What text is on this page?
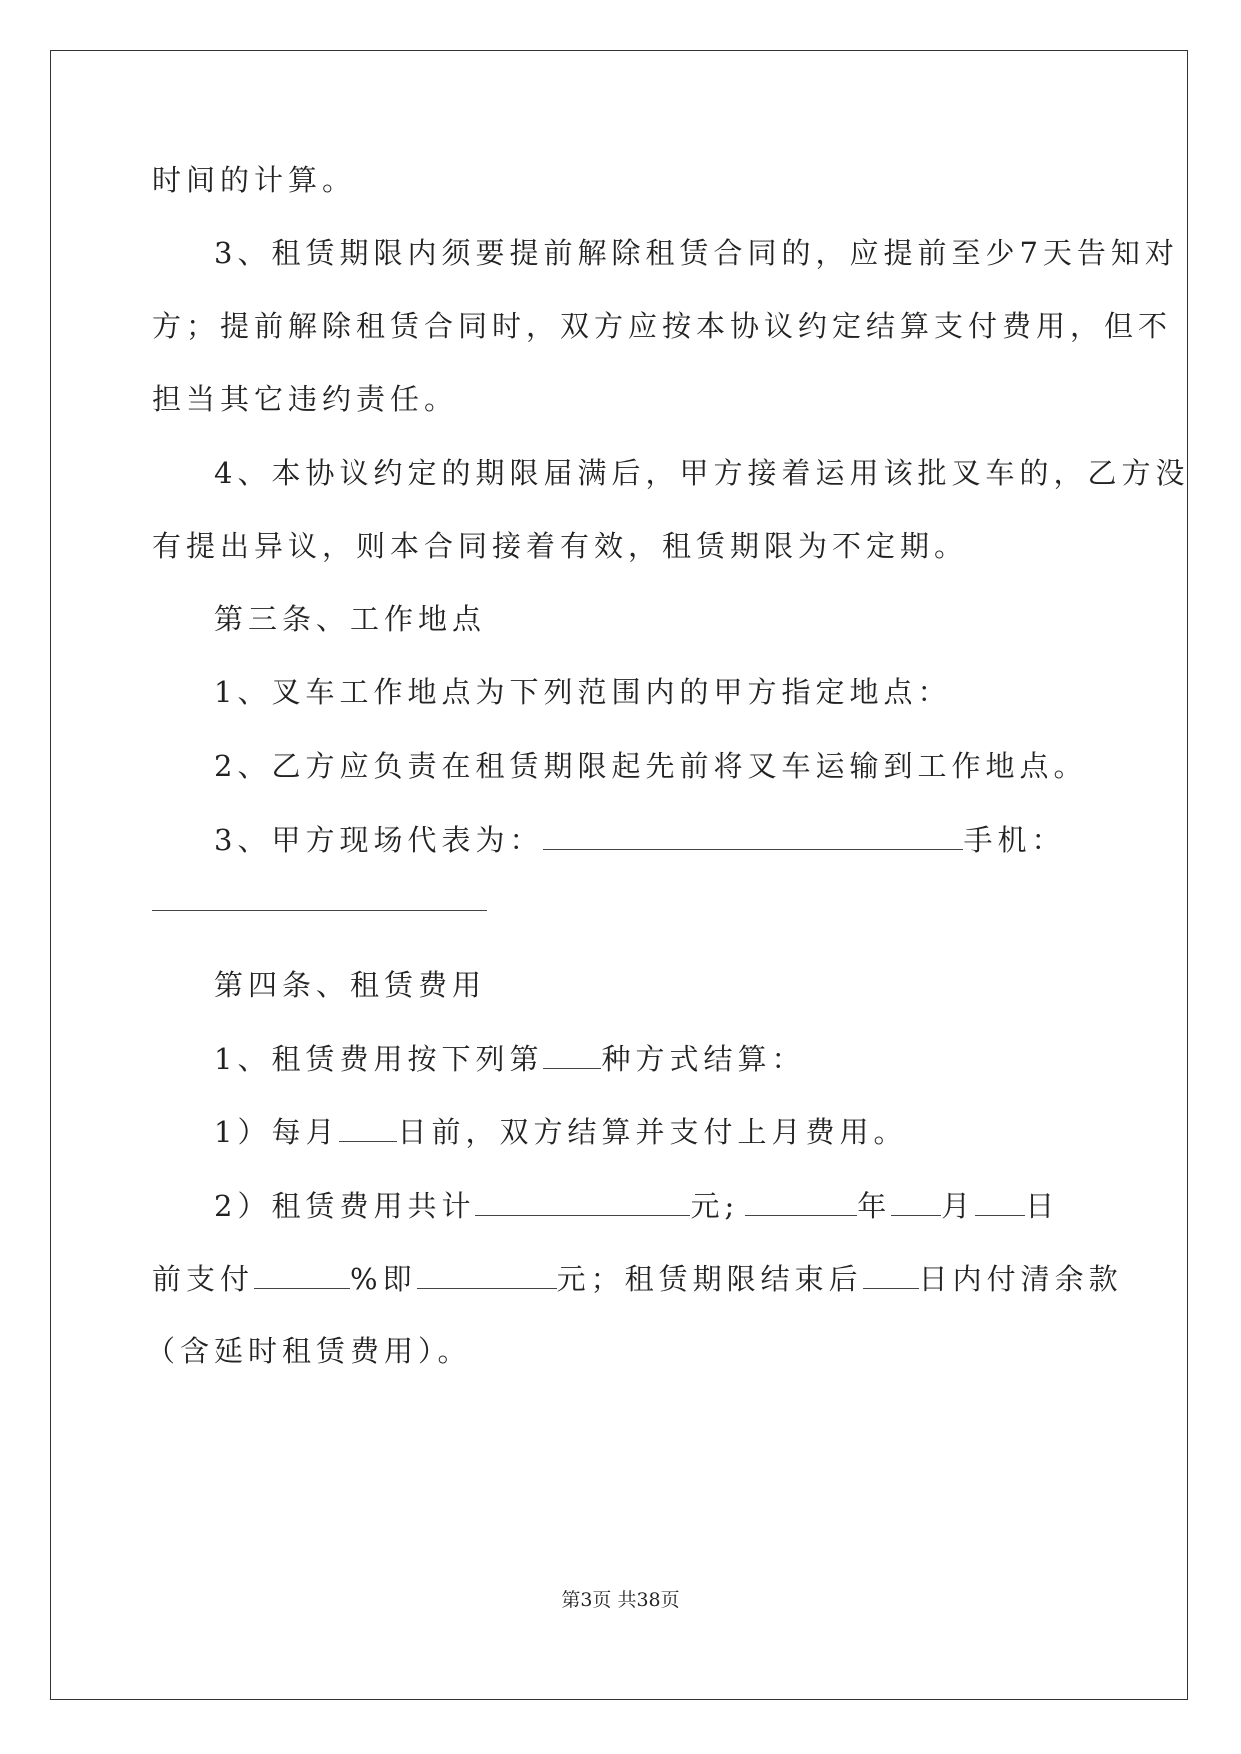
时间的计算。
3、租赁期限内须要提前解除租赁合同的，应提前至少7天告知对
方；提前解除租赁合同时，双方应按本协议约定结算支付费用，但不
担当其它违约责任。
4、本协议约定的期限届满后，甲方接着运用该批叉车的，乙方没
有提出异议，则本合同接着有效，租赁期限为不定期。
第三条、工作地点
1、叉车工作地点为下列范围内的甲方指定地点：
2、乙方应负责在租赁期限起先前将叉车运输到工作地点。
3、甲方现场代表为：	手机：
第四条、租赁费用
1、租赁费用按下列第 种方式结算：
1）每月 日前，双方结算并支付上月费用。
2）租赁费用共计	元;	年 月 日
前支付	%即	元；租赁期限结束后 日内付清余款
（含延时租赁费用）。
第3页 共38页
